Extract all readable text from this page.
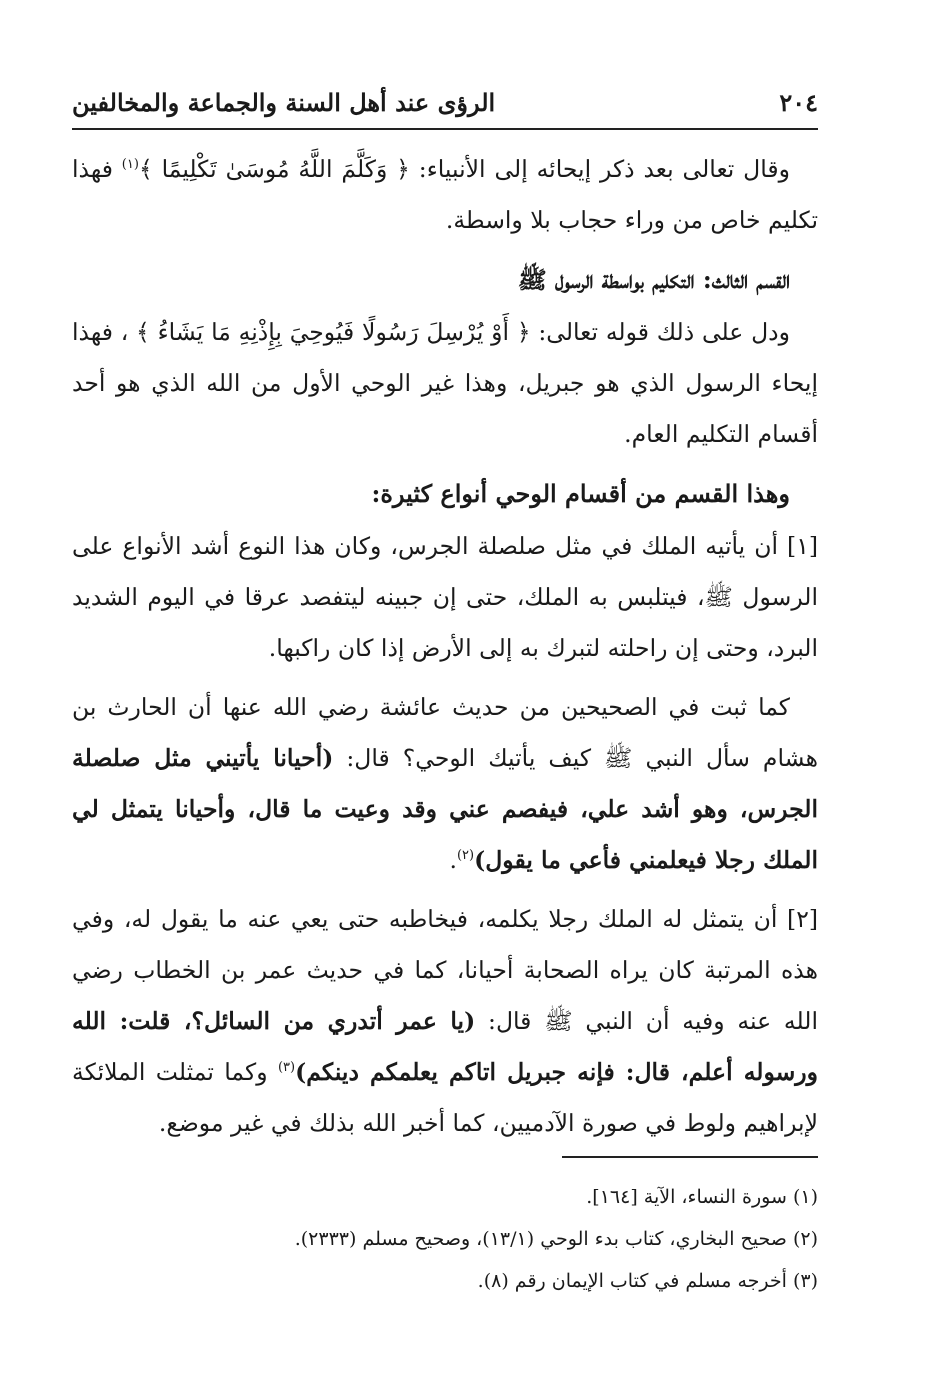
٢٠٤
الرؤى عند أهل السنة والجماعة والمخالفين

وقال تعالى بعد ذكر إيحائه إلى الأنبياء: ﴿ وَكَلَّمَ اللَّهُ مُوسَىٰ تَكْلِيمًا ﴾$^{(١)}$ فهذا تكليم خاص من وراء حجاب بلا واسطة.

القسم الثالث: التكليم بواسطة الرسول ﷺ

ودل على ذلك قوله تعالى: ﴿ أَوْ يُرْسِلَ رَسُولًا فَيُوحِيَ بِإِذْنِهِ مَا يَشَاءُ ﴾ ، فهذا إيحاء الرسول الذي هو جبريل، وهذا غير الوحي الأول من الله الذي هو أحد أقسام التكليم العام.

وهذا القسم من أقسام الوحي أنواع كثيرة:

[١] أن يأتيه الملك في مثل صلصلة الجرس، وكان هذا النوع أشد الأنواع على الرسول ﷺ، فيتلبس به الملك، حتى إن جبينه ليتفصد عرقا في اليوم الشديد البرد، وحتى إن راحلته لتبرك به إلى الأرض إذا كان راكبها.

كما ثبت في الصحيحين من حديث عائشة رضي الله عنها أن الحارث بن هشام سأل النبي ﷺ كيف يأتيك الوحي؟ قال: (أحيانا يأتيني مثل صلصلة الجرس، وهو أشد علي، فيفصم عني وقد وعيت ما قال، وأحيانا يتمثل لي الملك رجلا فيعلمني فأعي ما يقول)$^{(٢)}$.

[٢] أن يتمثل له الملك رجلا يكلمه، فيخاطبه حتى يعي عنه ما يقول له، وفي هذه المرتبة كان يراه الصحابة أحيانا، كما في حديث عمر بن الخطاب رضي الله عنه وفيه أن النبي ﷺ قال: (يا عمر أتدري من السائل؟، قلت: الله ورسوله أعلم، قال: فإنه جبريل اتاكم يعلمكم دينكم)$^{(٣)}$ وكما تمثلت الملائكة لإبراهيم ولوط في صورة الآدميين، كما أخبر الله بذلك في غير موضع.

(١) سورة النساء، الآية [١٦٤].

(٢) صحيح البخاري، كتاب بدء الوحي (١٣/١)، وصحيح مسلم (٢٣٣٣).

(٣) أخرجه مسلم في كتاب الإيمان رقم (٨).
